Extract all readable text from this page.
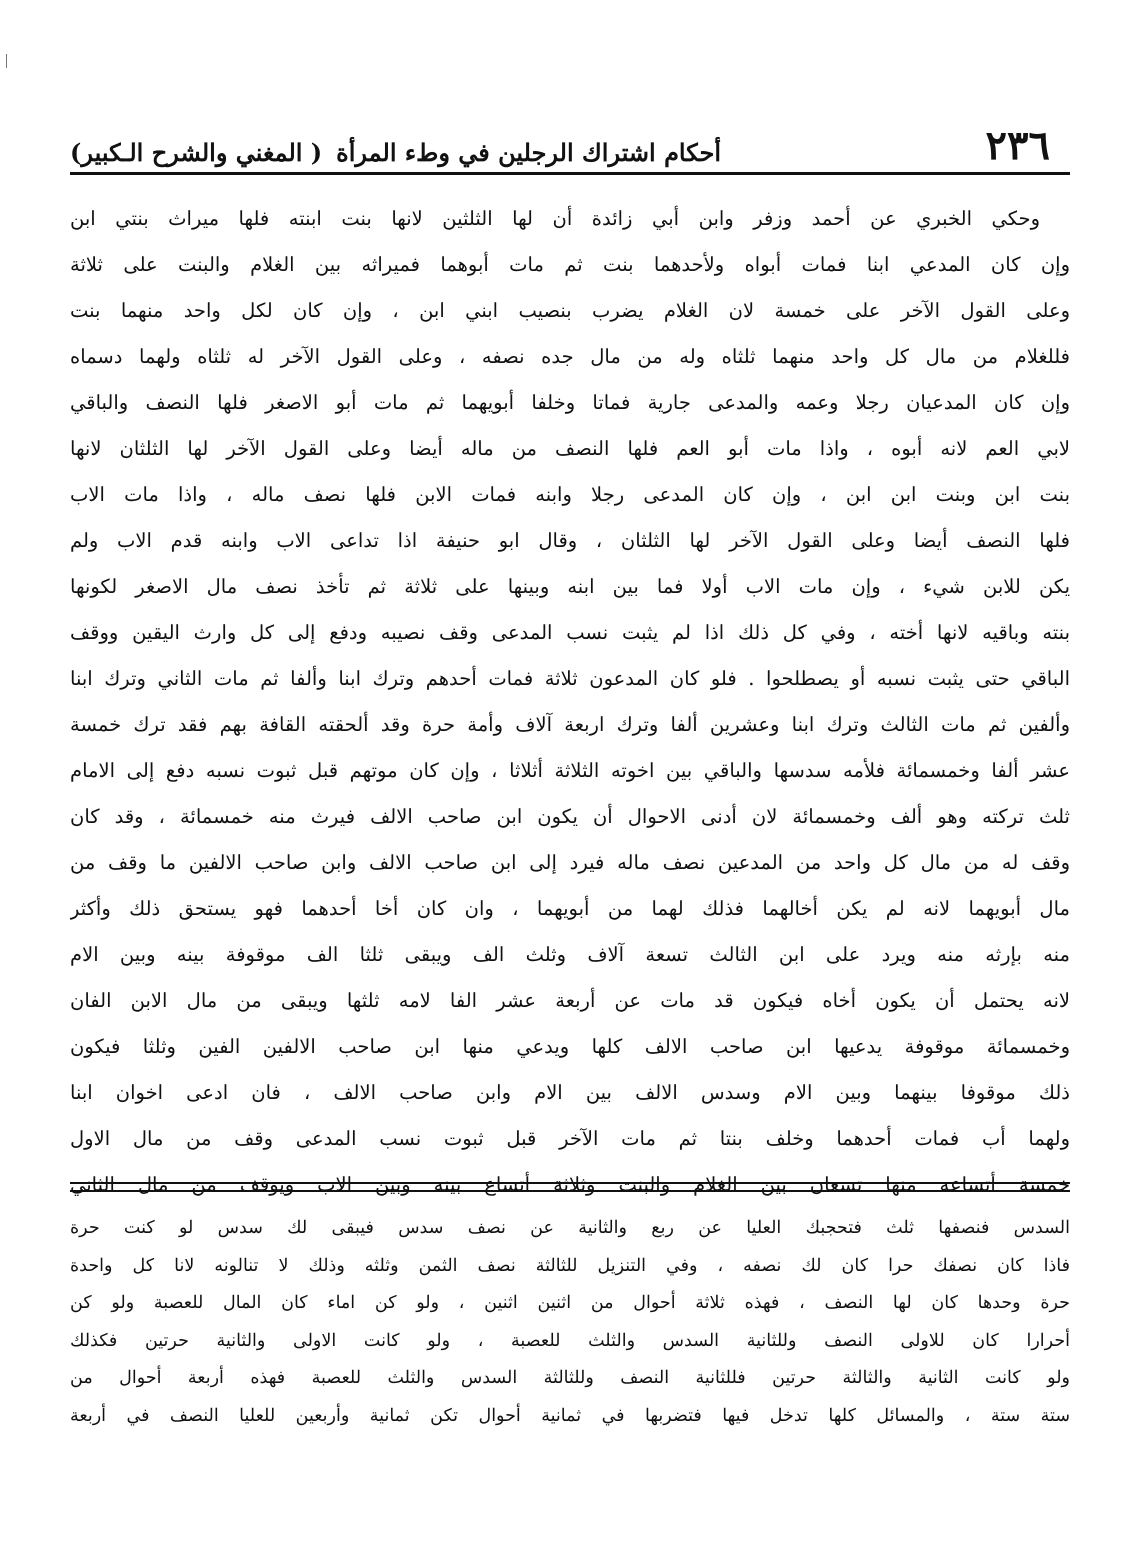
٢٣٦
أحكام اشتراك الرجلين في وطء المرأة
( المغني والشرح الـكبير)
وحكي الخبري عن أحمد وزفر وابن أبي زائدة أن لها الثلثين لانها بنت ابنته فلها ميراث بنتي ابن
وإن كان المدعي ابنا فمات أبواه ولأحدهما بنت ثم مات أبوهما فميراثه بين الغلام والبنت على ثلاثة
وعلى القول الآخر على خمسة لان الغلام يضرب بنصيب ابني ابن ، وإن كان لكل واحد منهما بنت
فللغلام من مال كل واحد منهما ثلثاه وله من مال جده نصفه ، وعلى القول الآخر له ثلثاه ولهما دسماه
وإن كان المدعيان رجلا وعمه والمدعى جارية فماتا وخلفا أبويهما ثم مات أبو الاصغر فلها النصف والباقي
لابي العم لانه أبوه ، واذا مات أبو العم فلها النصف من ماله أيضا وعلى القول الآخر لها الثلثان لانها
بنت ابن وبنت ابن ابن ، وإن كان المدعى رجلا وابنه فمات الابن فلها نصف ماله ، واذا مات الاب
فلها النصف أيضا وعلى القول الآخر لها الثلثان ، وقال ابو حنيفة اذا تداعى الاب وابنه قدم الاب ولم
يكن للابن شيء ، وإن مات الاب أولا فما بين ابنه وبينها على ثلاثة ثم تأخذ نصف مال الاصغر لكونها
بنته وباقيه لانها أخته ، وفي كل ذلك اذا لم يثبت نسب المدعى وقف نصيبه ودفع إلى كل وارث اليقين ووقف
الباقي حتى يثبت نسبه أو يصطلحوا . فلو كان المدعون ثلاثة فمات أحدهم وترك ابنا وألفا ثم مات الثاني وترك ابنا
وألفين ثم مات الثالث وترك ابنا وعشرين ألفا وترك اربعة آلاف وأمة حرة وقد ألحقته القافة بهم فقد ترك خمسة
عشر ألفا وخمسمائة فلأمه سدسها والباقي بين اخوته الثلاثة أثلاثا ، وإن كان موتهم قبل ثبوت نسبه دفع إلى الامام
ثلث تركته وهو ألف وخمسمائة لان أدنى الاحوال أن يكون ابن صاحب الالف فيرث منه خمسمائة ، وقد كان
وقف له من مال كل واحد من المدعين نصف ماله فيرد إلى ابن صاحب الالف وابن صاحب الالفين ما وقف من
مال أبويهما لانه لم يكن أخالهما فذلك لهما من أبويهما ، وان كان أخا أحدهما فهو يستحق ذلك وأكثر
منه بإرثه منه ويرد على ابن الثالث تسعة آلاف وثلث الف ويبقى ثلثا الف موقوفة بينه وبين الام
لانه يحتمل أن يكون أخاه فيكون قد مات عن أربعة عشر الفا لامه ثلثها ويبقى من مال الابن الفان
وخمسمائة موقوفة يدعيها ابن صاحب الالف كلها ويدعي منها ابن صاحب الالفين الفين وثلثا فيكون
ذلك موقوفا بينهما وبين الام وسدس الالف بين الام وابن صاحب الالف ، فان ادعى اخوان ابنا
ولهما أب فمات أحدهما وخلف بنتا ثم مات الآخر قبل ثبوت نسب المدعى وقف من مال الاول
خمسة أتساعه منها تسعان بين الغلام والبنت وثلاثة أتساع بينه وبين الاب ويوقف من مال الثاني
السدس فنصفها ثلث فتحجبك العليا عن ربع والثانية عن نصف سدس فيبقى لك سدس لو كنت حرة
فاذا كان نصفك حرا كان لك نصفه ، وفي التنزيل للثالثة نصف الثمن وثلثه وذلك لا تنالونه لانا كل واحدة
حرة وحدها كان لها النصف ، فهذه ثلاثة أحوال من اثنين اثنين ، ولو كن اماء كان المال للعصبة ولو كن
أحرارا كان للاولى النصف وللثانية السدس والثلث للعصبة ، ولو كانت الاولى والثانية حرتين فكذلك
ولو كانت الثانية والثالثة حرتين فللثانية النصف وللثالثة السدس والثلث للعصبة فهذه أربعة أحوال من
ستة ستة ، والمسائل كلها تدخل فيها فتضربها في ثمانية أحوال تكن ثمانية وأربعين للعليا النصف في أربعة
